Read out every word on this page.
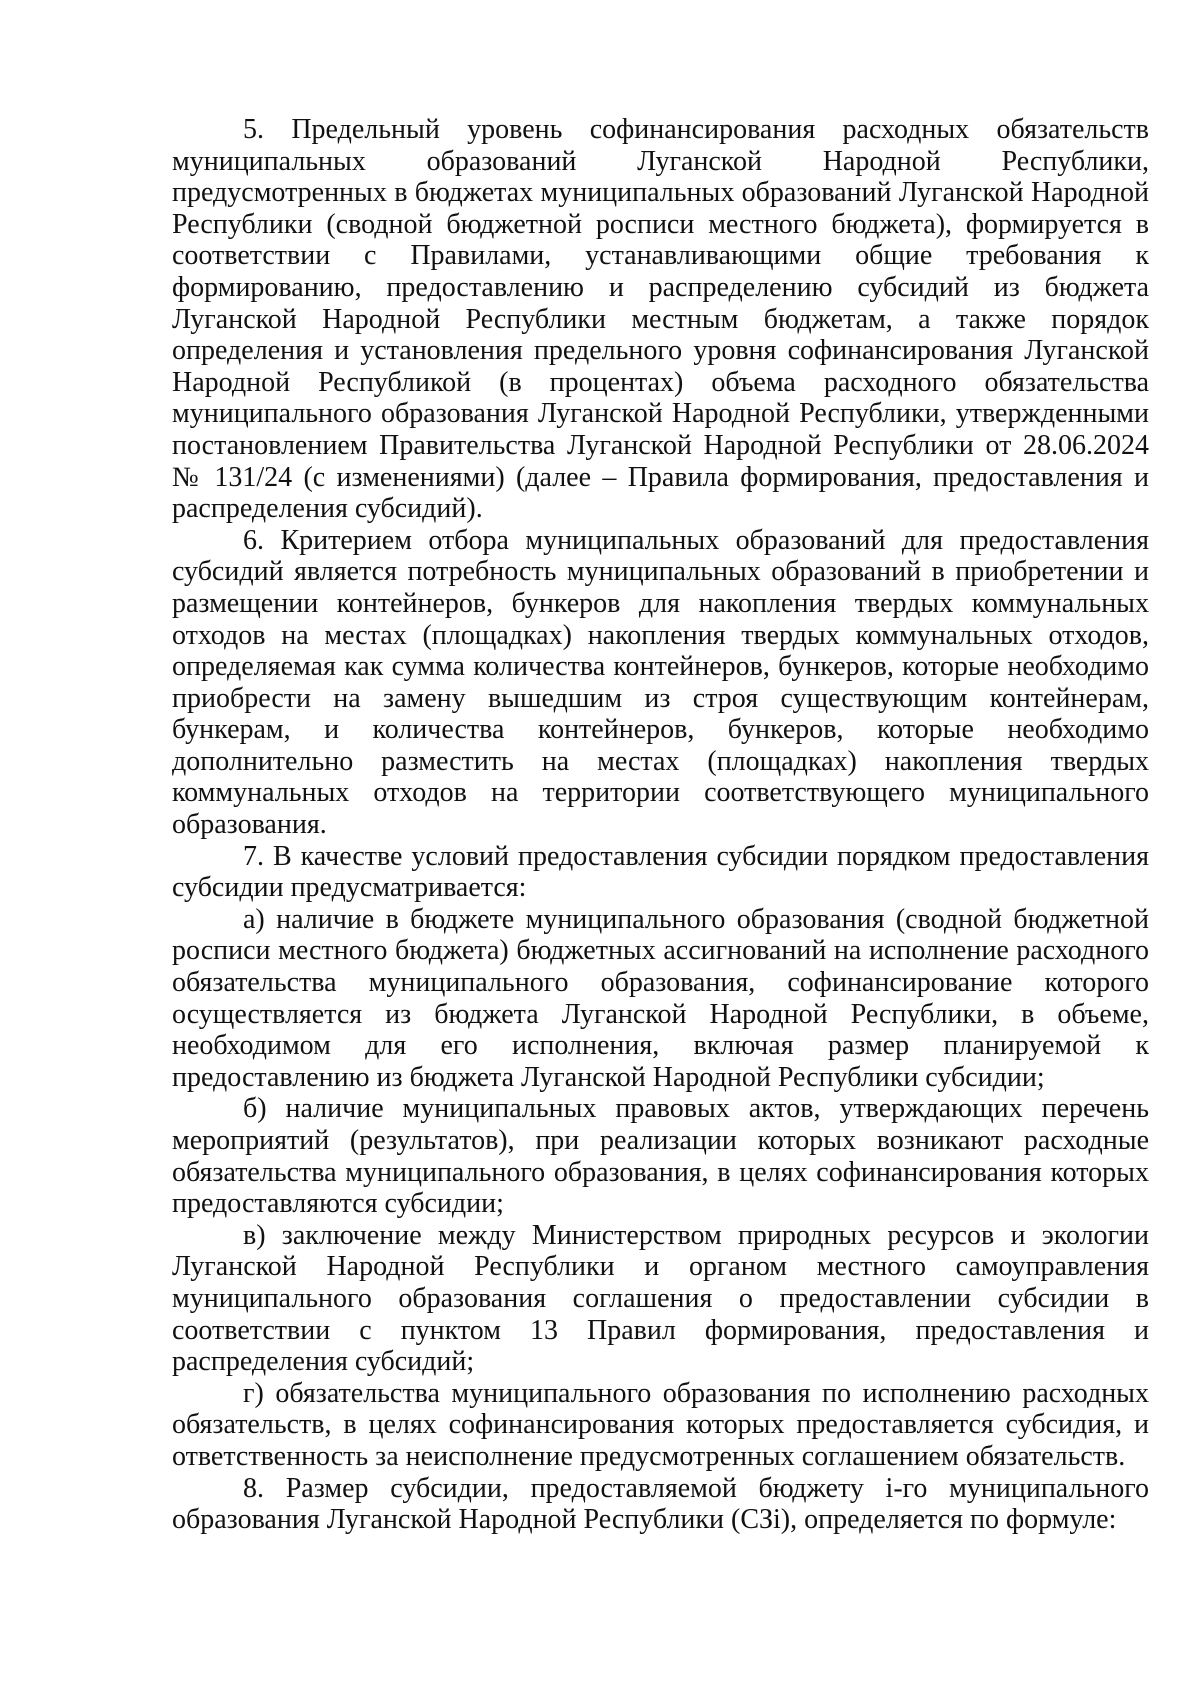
5. Предельный уровень софинансирования расходных обязательств муниципальных образований Луганской Народной Республики, предусмотренных в бюджетах муниципальных образований Луганской Народной Республики (сводной бюджетной росписи местного бюджета), формируется в соответствии с Правилами, устанавливающими общие требования к формированию, предоставлению и распределению субсидий из бюджета Луганской Народной Республики местным бюджетам, а также порядок определения и установления предельного уровня софинансирования Луганской Народной Республикой (в процентах) объема расходного обязательства муниципального образования Луганской Народной Республики, утвержденными постановлением Правительства Луганской Народной Республики от 28.06.2024 № 131/24 (с изменениями) (далее – Правила формирования, предоставления и распределения субсидий).

6. Критерием отбора муниципальных образований для предоставления субсидий является потребность муниципальных образований в приобретении и размещении контейнеров, бункеров для накопления твердых коммунальных отходов на местах (площадках) накопления твердых коммунальных отходов, определяемая как сумма количества контейнеров, бункеров, которые необходимо приобрести на замену вышедшим из строя существующим контейнерам, бункерам, и количества контейнеров, бункеров, которые необходимо дополнительно разместить на местах (площадках) накопления твердых коммунальных отходов на территории соответствующего муниципального образования.

7. В качестве условий предоставления субсидии порядком предоставления субсидии предусматривается:

а) наличие в бюджете муниципального образования (сводной бюджетной росписи местного бюджета) бюджетных ассигнований на исполнение расходного обязательства муниципального образования, софинансирование которого осуществляется из бюджета Луганской Народной Республики, в объеме, необходимом для его исполнения, включая размер планируемой к предоставлению из бюджета Луганской Народной Республики субсидии;

б) наличие муниципальных правовых актов, утверждающих перечень мероприятий (результатов), при реализации которых возникают расходные обязательства муниципального образования, в целях софинансирования которых предоставляются субсидии;

в) заключение между Министерством природных ресурсов и экологии Луганской Народной Республики и органом местного самоуправления муниципального образования соглашения о предоставлении субсидии в соответствии с пунктом 13 Правил формирования, предоставления и распределения субсидий;

г) обязательства муниципального образования по исполнению расходных обязательств, в целях софинансирования которых предоставляется субсидия, и ответственность за неисполнение предусмотренных соглашением обязательств.

8. Размер субсидии, предоставляемой бюджету i-го муниципального образования Луганской Народной Республики (СЗi), определяется по формуле:
